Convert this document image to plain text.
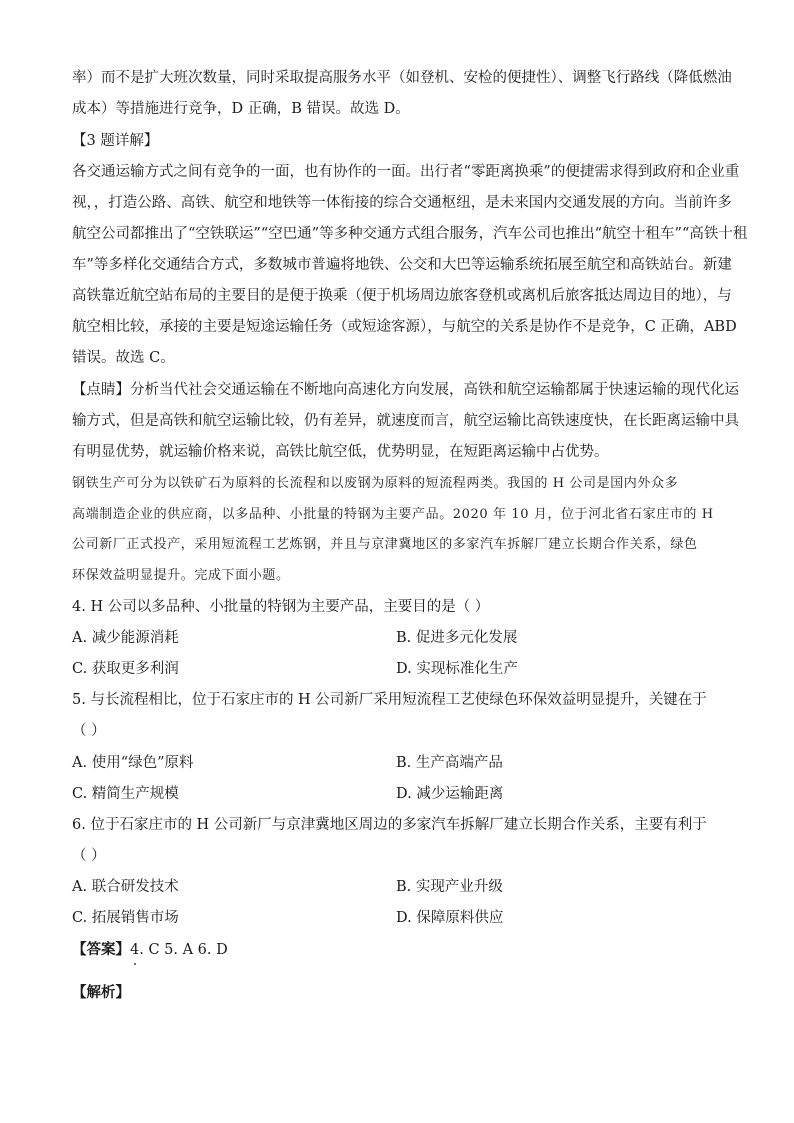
率）而不是扩大班次数量，同时采取提高服务水平（如登机、安检的便捷性）、调整飞行路线（降低燃油
成本）等措施进行竞争，D 正确，B 错误。故选 D。
【3 题详解】
各交通运输方式之间有竞争的一面，也有协作的一面。出行者“零距离换乘”的便捷需求得到政府和企业重
视，，打造公路、高铁、航空和地铁等一体衔接的综合交通枢纽，是未来国内交通发展的方向。当前许多
航空公司都推出了“空铁联运”“空巴通”等多种交通方式组合服务，汽车公司也推出“航空十租车”“高铁十租
车”等多样化交通结合方式，多数城市普遍将地铁、公交和大巴等运输系统拓展至航空和高铁站台。新建
高铁靠近航空站布局的主要目的是便于换乘（便于机场周边旅客登机或离机后旅客抵达周边目的地），与
航空相比较，承接的主要是短途运输任务（或短途客源），与航空的关系是协作不是竞争，C 正确，ABD
错误。故选 C。
【点睛】分析当代社会交通运输在不断地向高速化方向发展，高铁和航空运输都属于快速运输的现代化运
输方式，但是高铁和航空运输比较，仍有差异，就速度而言，航空运输比高铁速度快，在长距离运输中具
有明显优势，就运输价格来说，高铁比航空低，优势明显，在短距离运输中占优势。
钢铁生产可分为以铁矿石为原料的长流程和以废钢为原料的短流程两类。我国的 H 公司是国内外众多
高端制造企业的供应商，以多品种、小批量的特钢为主要产品。2020 年 10 月，位于河北省石家庄市的 H
公司新厂正式投产，采用短流程工艺炼钢，并且与京津冀地区的多家汽车拆解厂建立长期合作关系，绿色
环保效益明显提升。完成下面小题。
4. H 公司以多品种、小批量的特钢为主要产品，主要目的是（ ）
A. 减少能源消耗	B. 促进多元化发展
C. 获取更多利润	D. 实现标准化生产
5. 与长流程相比，位于石家庄市的 H 公司新厂采用短流程工艺使绿色环保效益明显提升，关键在于
（ ）
A. 使用“绿色”原料	B. 生产高端产品
C. 精简生产规模	D. 减少运输距离
6. 位于石家庄市的 H 公司新厂与京津冀地区周边的多家汽车拆解厂建立长期合作关系，主要有利于
（ ）
A. 联合研发技术	B. 实现产业升级
C. 拓展销售市场	D. 保障原料供应
【答案】4. C 5. A 6. D
【解析】
